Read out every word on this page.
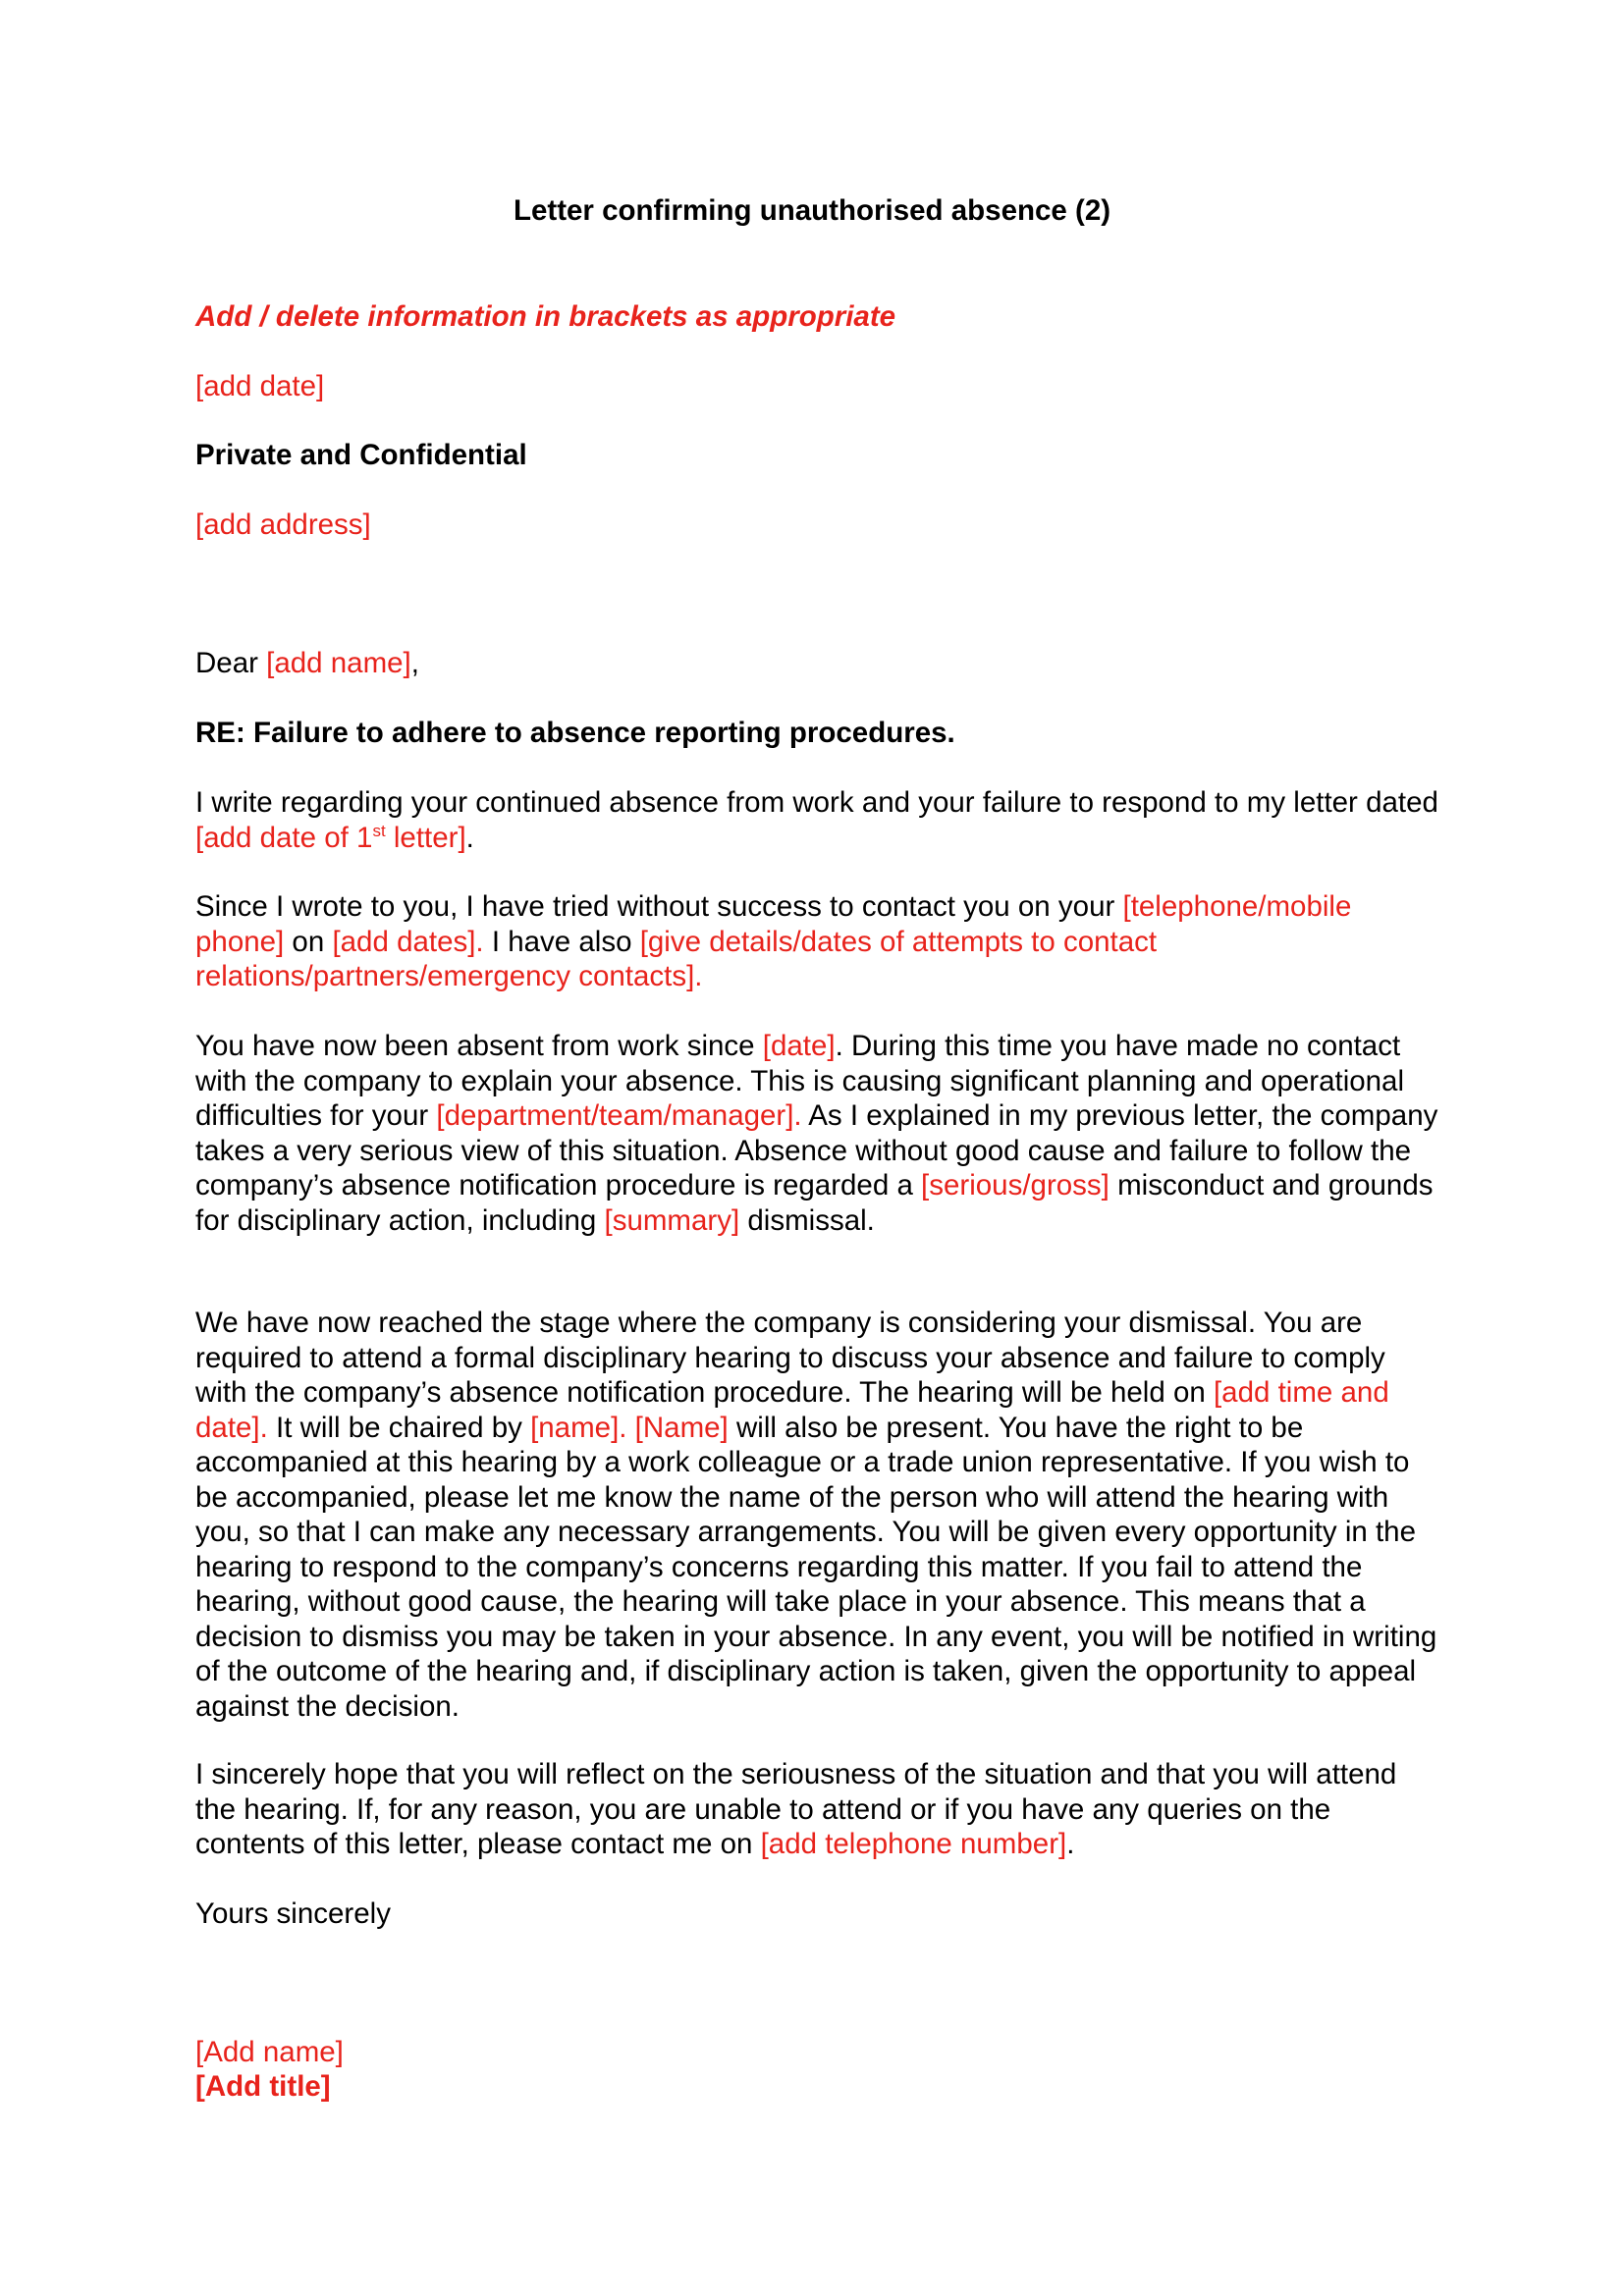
Letter confirming unauthorised absence (2)

Add / delete information in brackets as appropriate

[add date]

Private and Confidential

[add address]

Dear [add name],

RE: Failure to adhere to absence reporting procedures.

I write regarding your continued absence from work and your failure to respond to my letter dated [add date of 1st letter].

Since I wrote to you, I have tried without success to contact you on your [telephone/mobile phone] on [add dates]. I have also [give details/dates of attempts to contact relations/partners/emergency contacts].

You have now been absent from work since [date]. During this time you have made no contact with the company to explain your absence. This is causing significant planning and operational difficulties for your [department/team/manager]. As I explained in my previous letter, the company takes a very serious view of this situation. Absence without good cause and failure to follow the company’s absence notification procedure is regarded a [serious/gross] misconduct and grounds for disciplinary action, including [summary] dismissal.

We have now reached the stage where the company is considering your dismissal. You are required to attend a formal disciplinary hearing to discuss your absence and failure to comply with the company’s absence notification procedure. The hearing will be held on [add time and date]. It will be chaired by [name]. [Name] will also be present. You have the right to be accompanied at this hearing by a work colleague or a trade union representative. If you wish to be accompanied, please let me know the name of the person who will attend the hearing with you, so that I can make any necessary arrangements. You will be given every opportunity in the hearing to respond to the company’s concerns regarding this matter. If you fail to attend the hearing, without good cause, the hearing will take place in your absence. This means that a decision to dismiss you may be taken in your absence. In any event, you will be notified in writing of the outcome of the hearing and, if disciplinary action is taken, given the opportunity to appeal against the decision.

I sincerely hope that you will reflect on the seriousness of the situation and that you will attend the hearing. If, for any reason, you are unable to attend or if you have any queries on the contents of this letter, please contact me on [add telephone number].

Yours sincerely

[Add name]

[Add title]
